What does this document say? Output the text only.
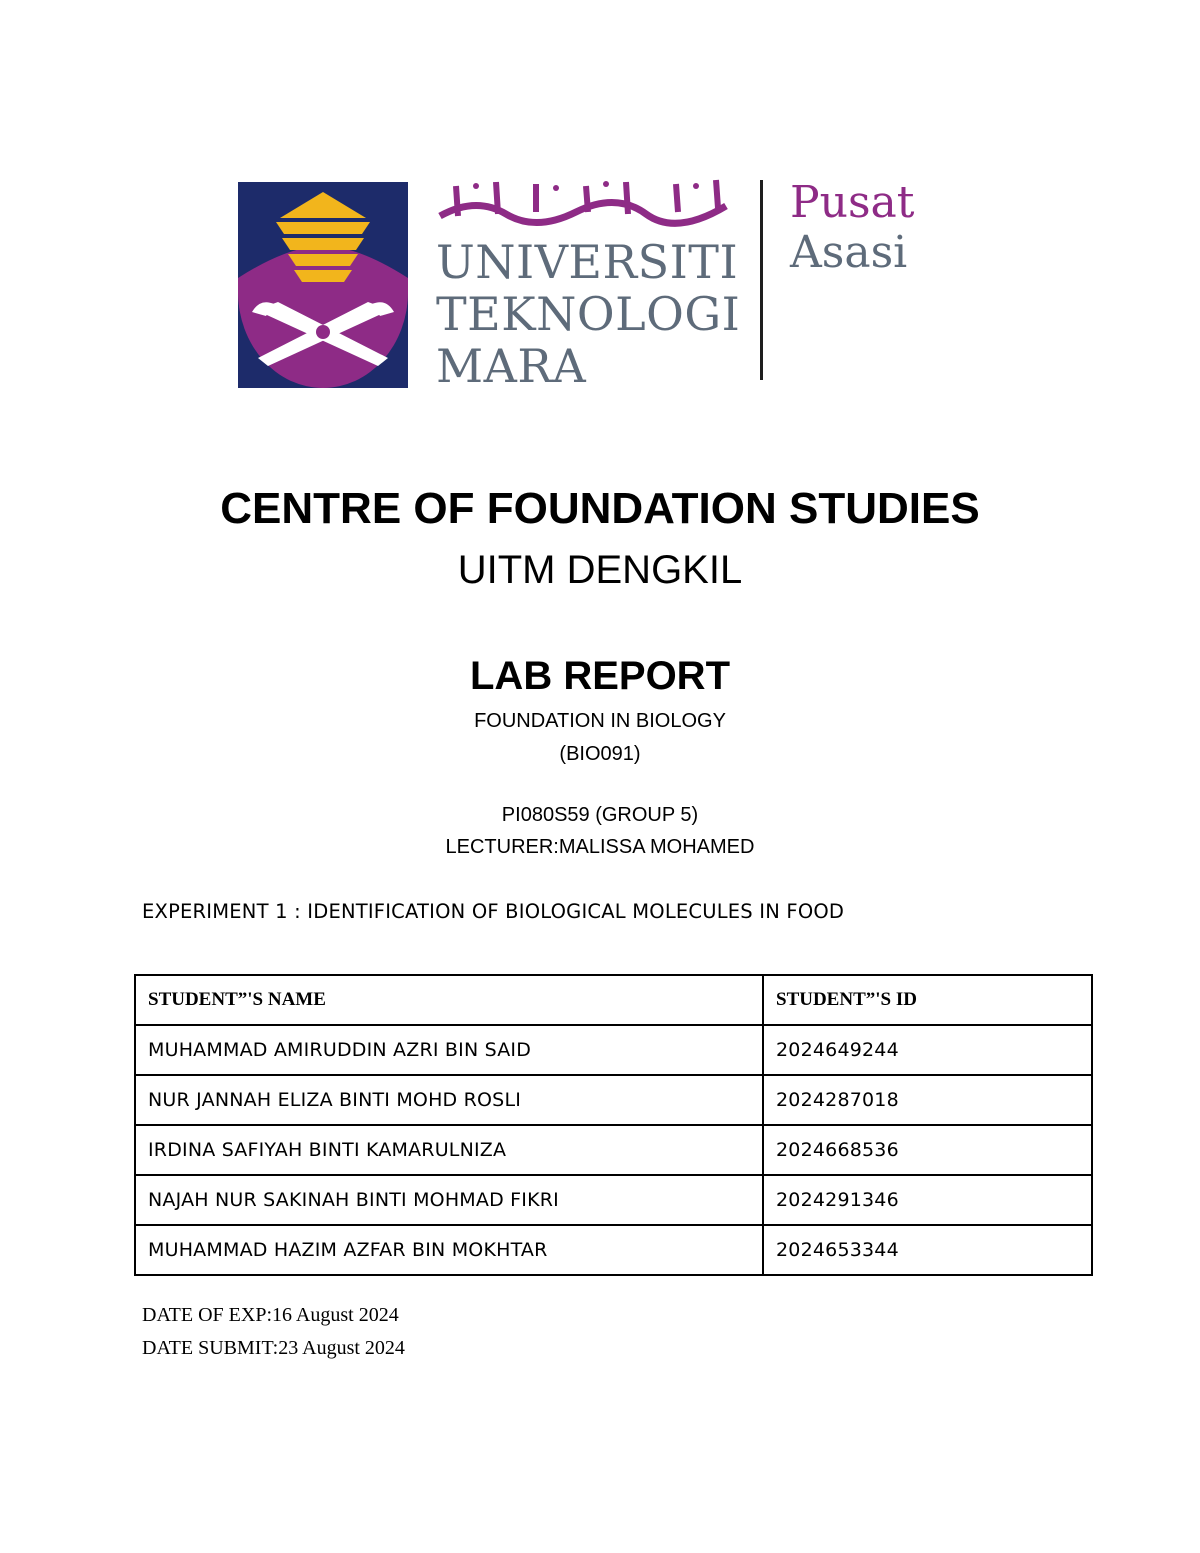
UNIVERSITI
TEKNOLOGI
MARA
Pusat
Asasi
CENTRE OF FOUNDATION STUDIES
UITM DENGKIL
LAB REPORT
FOUNDATION IN BIOLOGY
(BIO091)
PI080S59 (GROUP 5)
LECTURER:MALISSA MOHAMED
EXPERIMENT 1 : IDENTIFICATION OF BIOLOGICAL MOLECULES IN FOOD
STUDENT”'S NAME	STUDENT”'S ID
MUHAMMAD AMIRUDDIN AZRI BIN SAID	2024649244
NUR JANNAH ELIZA BINTI MOHD ROSLI	2024287018
IRDINA SAFIYAH BINTI KAMARULNIZA	2024668536
NAJAH NUR SAKINAH BINTI MOHMAD FIKRI	2024291346
MUHAMMAD HAZIM AZFAR BIN MOKHTAR	2024653344
DATE OF EXP:16 August 2024
DATE SUBMIT:23 August 2024
